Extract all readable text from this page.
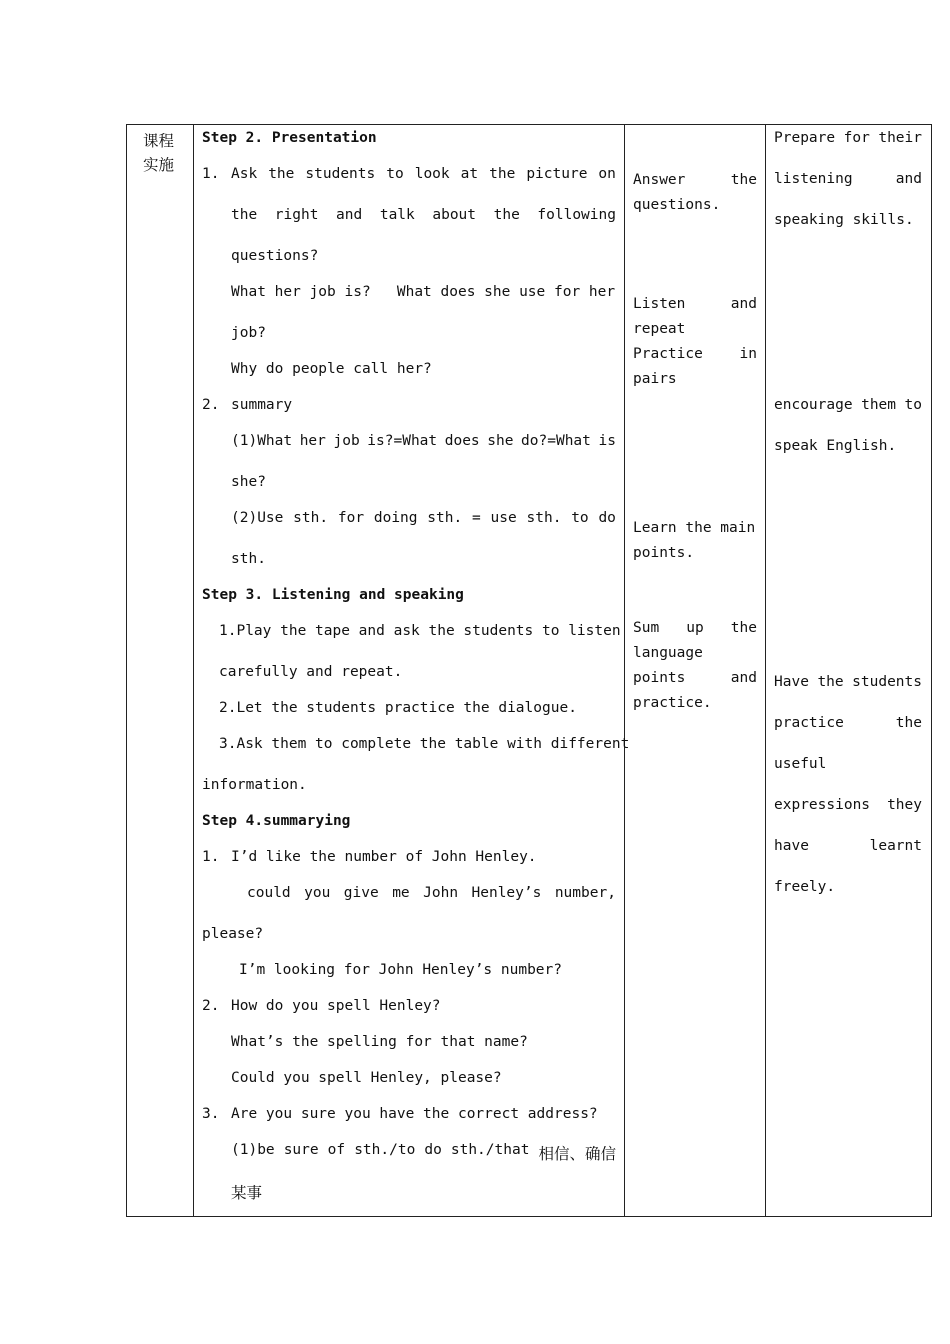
课程
实施

Step 2. Presentation
1. Ask the students to look at the picture on
the right and talk about the following
questions?
What her job is?   What does she use for her
job?
Why do people call her?
2. summary
(1)What her job is?=What does she do?=What is
she?
(2)Use sth. for doing sth. = use sth. to do
sth.
Step 3. Listening and speaking
1.Play the tape and ask the students to listen
carefully and repeat.
2.Let the students practice the dialogue.
3.Ask them to complete the table with different
information.
Step 4.summarying
1. I’d like the number of John Henley.
could you give me John Henley’s number,
please?
I’m looking for John Henley’s number?
2. How do you spell Henley?
What’s the spelling for that name?
Could you spell Henley, please?
3. Are you sure you have the correct address?
(1)be sure of sth./to do sth./that 相信、确信
某事

Answer	the
questions.
Listen	and
repeat
Practice	in
pairs
Learn the main
points.
Sum up the
language
points	and
practice.

Prepare for their
listening	and
speaking skills.
encourage them to
speak English.
Have the students
practice	the
useful
expressions they
have	learnt
freely.
